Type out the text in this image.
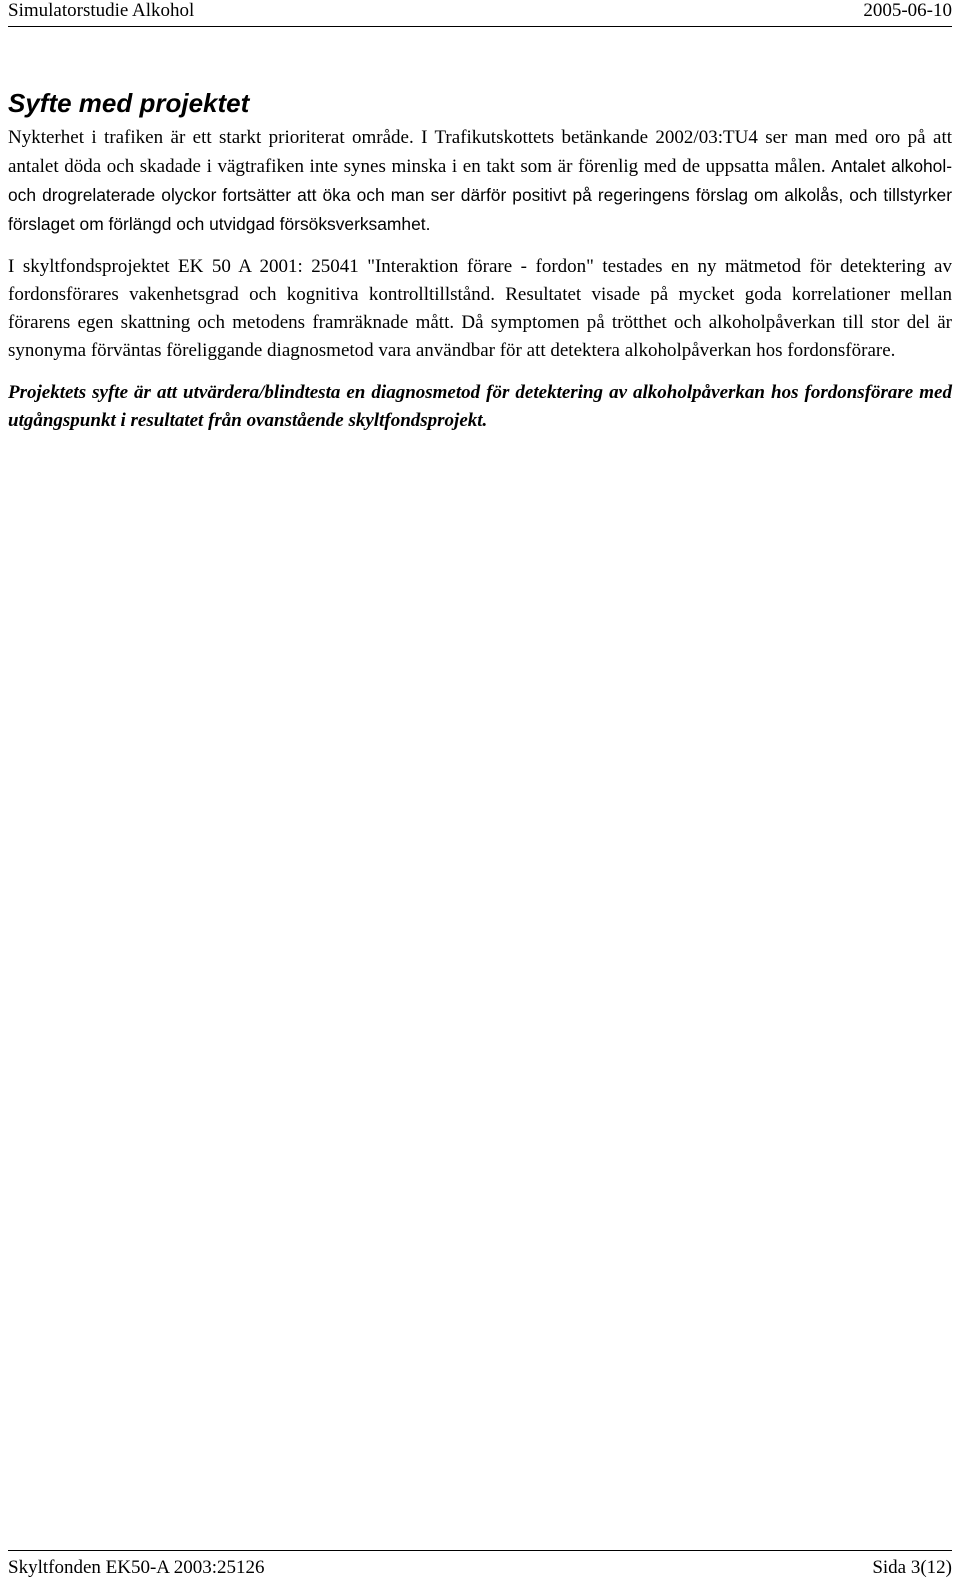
Simulatorstudie Alkohol	2005-06-10
Syfte med projektet

Nykterhet i trafiken är ett starkt prioriterat område. I Trafikutskottets betänkande 2002/03:TU4 ser man med oro på att antalet döda och skadade i vägtrafiken inte synes minska i en takt som är förenlig med de uppsatta målen. Antalet alkohol- och drogrelaterade olyckor fortsätter att öka och man ser därför positivt på regeringens förslag om alkolås, och tillstyrker förslaget om förlängd och utvidgad försöksverksamhet.

I skyltfondsprojektet EK 50 A 2001: 25041 "Interaktion förare - fordon" testades en ny mätmetod för detektering av fordonsförares vakenhetsgrad och kognitiva kontrolltillstånd. Resultatet visade på mycket goda korrelationer mellan förarens egen skattning och metodens framräknade mått. Då symptomen på trötthet och alkoholpåverkan till stor del är synonyma förväntas föreliggande diagnosmetod vara användbar för att detektera alkoholpåverkan hos fordonsförare.

Projektets syfte är att utvärdera/blindtesta en diagnosmetod för detektering av alkoholpåverkan hos fordonsförare med utgångspunkt i resultatet från ovanstående skyltfondsprojekt.

Skyltfonden EK50-A 2003:25126	Sida 3(12)
